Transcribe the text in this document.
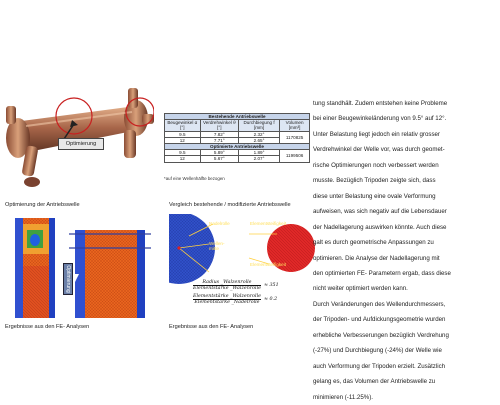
Optimierung
Bestehende Antriebswelle			
Beugewinkel α [°]	Verdrehwinkel ϑ [°]	Durchbiegung f [mm]	Volumen [mm³]
9.5	7.82°	2.32°	1170825
12	7.71°	2.65°	
Optimierte Antriebswelle			
9.5	5.89°	1.89°	1199506
12	5.67°	2.07°	
*auf eine Wellenhälfte bezogen
Optimierung der Antriebswelle	Vergleich bestehende / modifizierte Antriebswelle
Optimierung
Nadelrolle
Wellen-
mitte
Elementsteifigkeit
Elementsteifigkeit
Radius _Walzenrolle
Elementstärke _Walzenrolle
≈ 351
Elementstärke _Walzenrolle
Elementstärke _Nadelrolle
≈ 0.2
Ergebnisse aus den FE- Analysen	Ergebnisse aus den FE- Analysen
tung standhält. Zudem entstehen keine Probleme
bei einer Beugewinkeländerung von 9.5° auf 12°.
Unter Belastung liegt jedoch ein relativ grosser
Verdrehwinkel der Welle vor, was durch geomet-
rische Optimierungen noch verbessert werden
musste. Bezüglich Tripoden zeigte sich, dass
diese unter Belastung eine ovale Verformung
aufweisen, was sich negativ auf die Lebensdauer
der Nadellagerung auswirken könnte. Auch diese
galt es durch geometrische Anpassungen zu
optimieren. Die Analyse der Nadellagerung mit
den optimierten FE- Parametern ergab, dass diese
nicht weiter optimiert werden kann.
Durch Veränderungen des Wellendurchmessers,
der Tripoden- und Aufdickungsgeometrie wurden
erhebliche Verbesserungen bezüglich Verdrehung
(-27%) und Durchbiegung (-24%) der Welle wie
auch Verformung der Tripoden erzielt. Zusätzlich
gelang es, das Volumen der Antriebswelle zu
minimieren (-11.25%).
